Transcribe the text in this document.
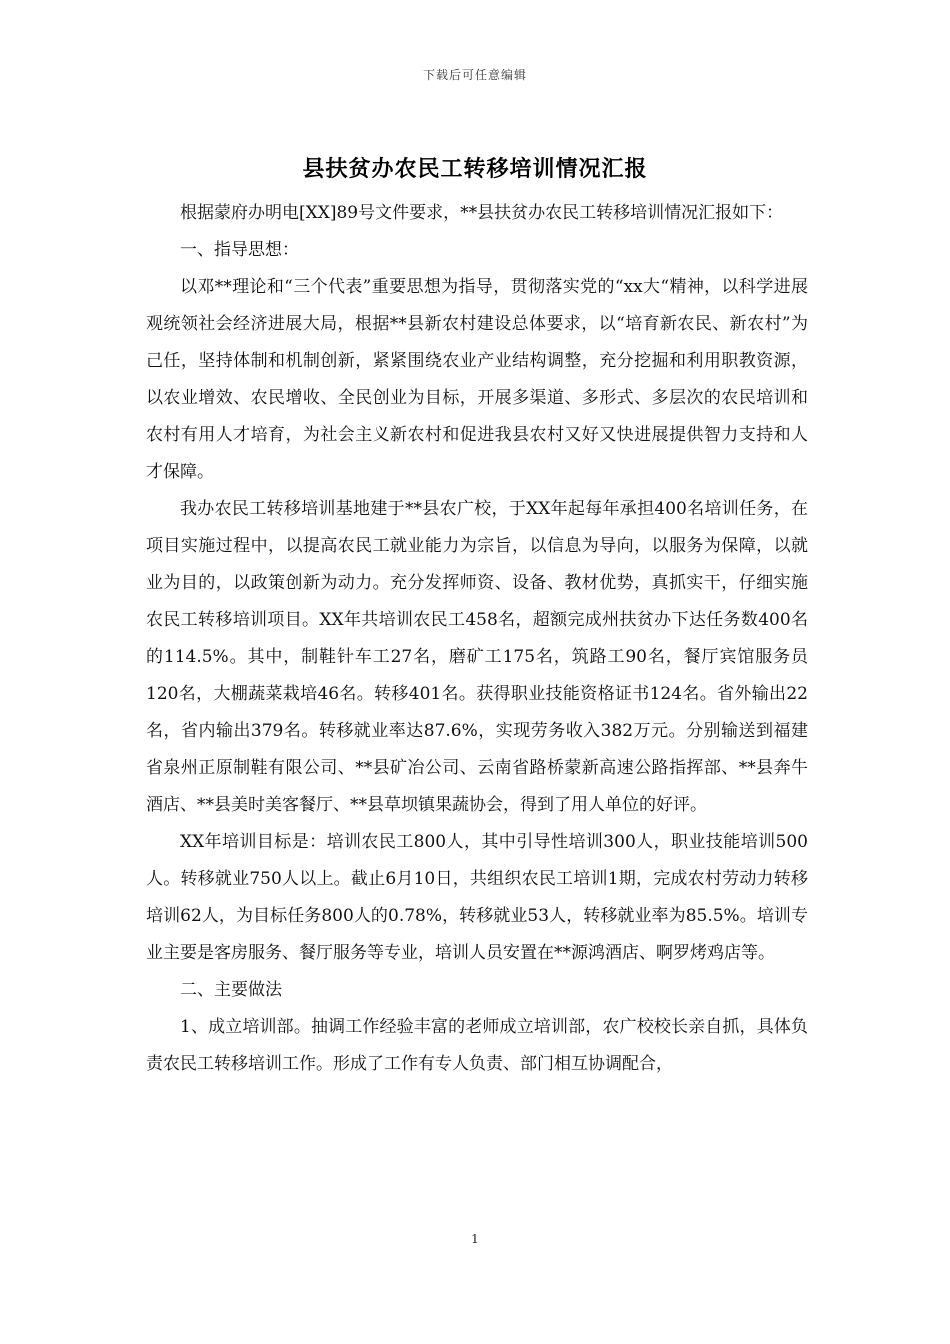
下载后可任意编辑
县扶贫办农民工转移培训情况汇报

根据蒙府办明电[XX]89号文件要求，**县扶贫办农民工转移培训情况汇报如下：

一、指导思想：

以邓**理论和“三个代表”重要思想为指导，贯彻落实党的“xx大“精神，以科学进展观统领社会经济进展大局，根据**县新农村建设总体要求，以“培育新农民、新农村”为己任，坚持体制和机制创新，紧紧围绕农业产业结构调整，充分挖掘和利用职教资源，以农业增效、农民增收、全民创业为目标，开展多渠道、多形式、多层次的农民培训和农村有用人才培育，为社会主义新农村和促进我县农村又好又快进展提供智力支持和人才保障。

我办农民工转移培训基地建于**县农广校，于XX年起每年承担400名培训任务，在项目实施过程中，以提高农民工就业能力为宗旨，以信息为导向，以服务为保障，以就业为目的，以政策创新为动力。充分发挥师资、设备、教材优势，真抓实干，仔细实施农民工转移培训项目。XX年共培训农民工458名，超额完成州扶贫办下达任务数400名的114.5%。其中，制鞋针车工27名，磨矿工175名，筑路工90名，餐厅宾馆服务员120名，大棚蔬菜栽培46名。转移401名。获得职业技能资格证书124名。省外输出22名，省内输出379名。转移就业率达87.6%，实现劳务收入382万元。分别输送到福建省泉州正原制鞋有限公司、**县矿冶公司、云南省路桥蒙新高速公路指挥部、**县奔牛酒店、**县美时美客餐厅、**县草坝镇果蔬协会，得到了用人单位的好评。

XX年培训目标是：培训农民工800人，其中引导性培训300人，职业技能培训500人。转移就业750人以上。截止6月10日，共组织农民工培训1期，完成农村劳动力转移培训62人，为目标任务800人的0.78%，转移就业53人，转移就业率为85.5%。培训专业主要是客房服务、餐厅服务等专业，培训人员安置在**源鸿酒店、啊罗烤鸡店等。

二、主要做法

1、成立培训部。抽调工作经验丰富的老师成立培训部，农广校校长亲自抓，具体负责农民工转移培训工作。形成了工作有专人负责、部门相互协调配合，

1
